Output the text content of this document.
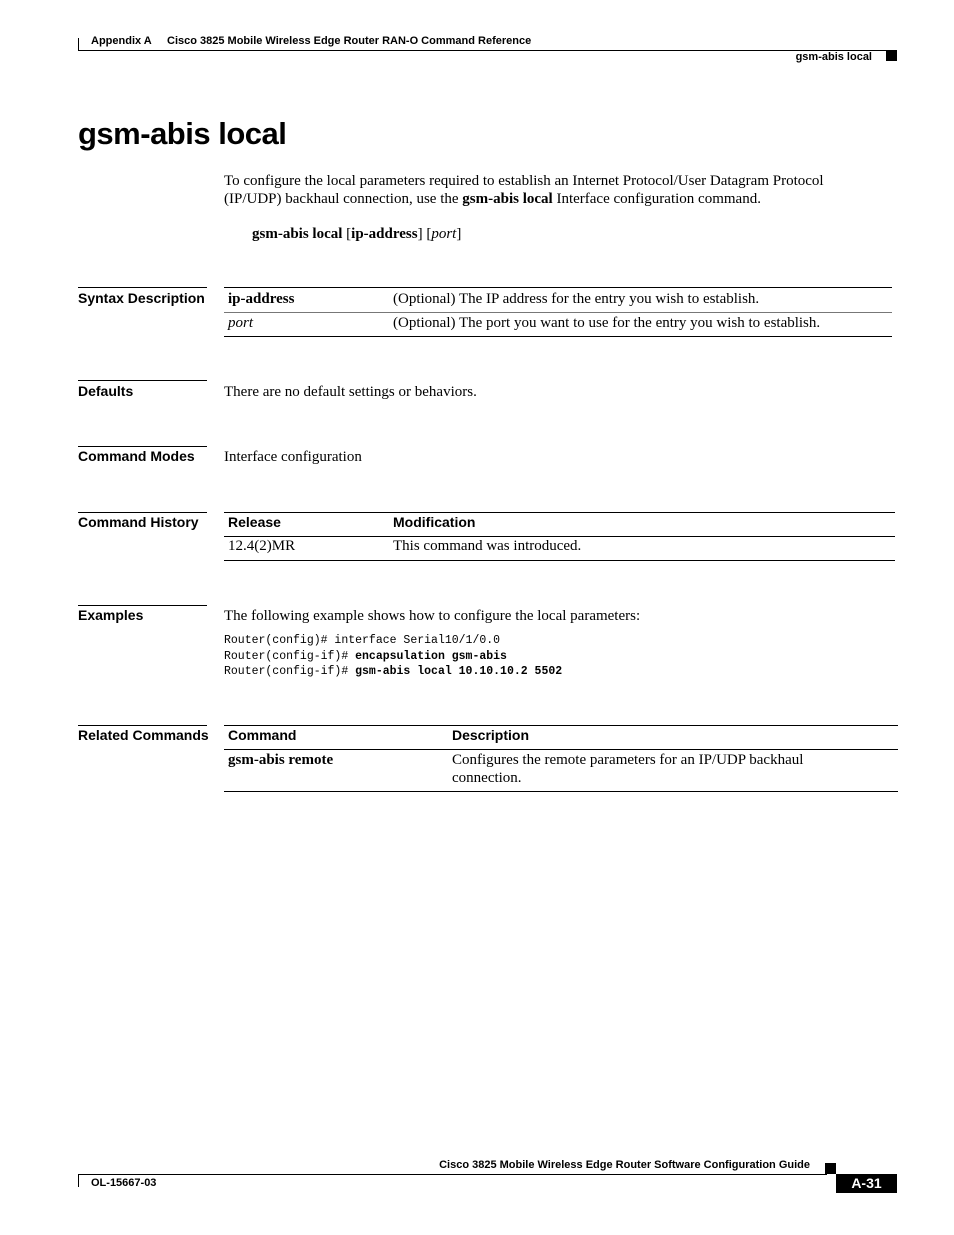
Appendix A Cisco 3825 Mobile Wireless Edge Router RAN-O Command Reference
gsm-abis local
gsm-abis local
To configure the local parameters required to establish an Internet Protocol/User Datagram Protocol
(IP/UDP) backhaul connection, use the gsm-abis local Interface configuration command.
gsm-abis local [ip-address] [port]
Syntax Description ip-address	(Optional) The IP address for the entry you wish to establish.
port	(Optional) The port you want to use for the entry you wish to establish.
Defaults	There are no default settings or behaviors.
Command Modes Interface configuration
Command History Release	Modification
12.4(2)MR	This command was introduced.
Examples	The following example shows how to configure the local parameters:
Router(config)# interface Serial10/1/0.0
Router(config-if)# encapsulation gsm-abis
Router(config-if)# gsm-abis local 10.10.10.2 5502
Related Commands Command	Description
gsm-abis remote	Configures the remote parameters for an IP/UDP backhaul
connection.
Cisco 3825 Mobile Wireless Edge Router Software Configuration Guide
OL-15667-03	A-31
